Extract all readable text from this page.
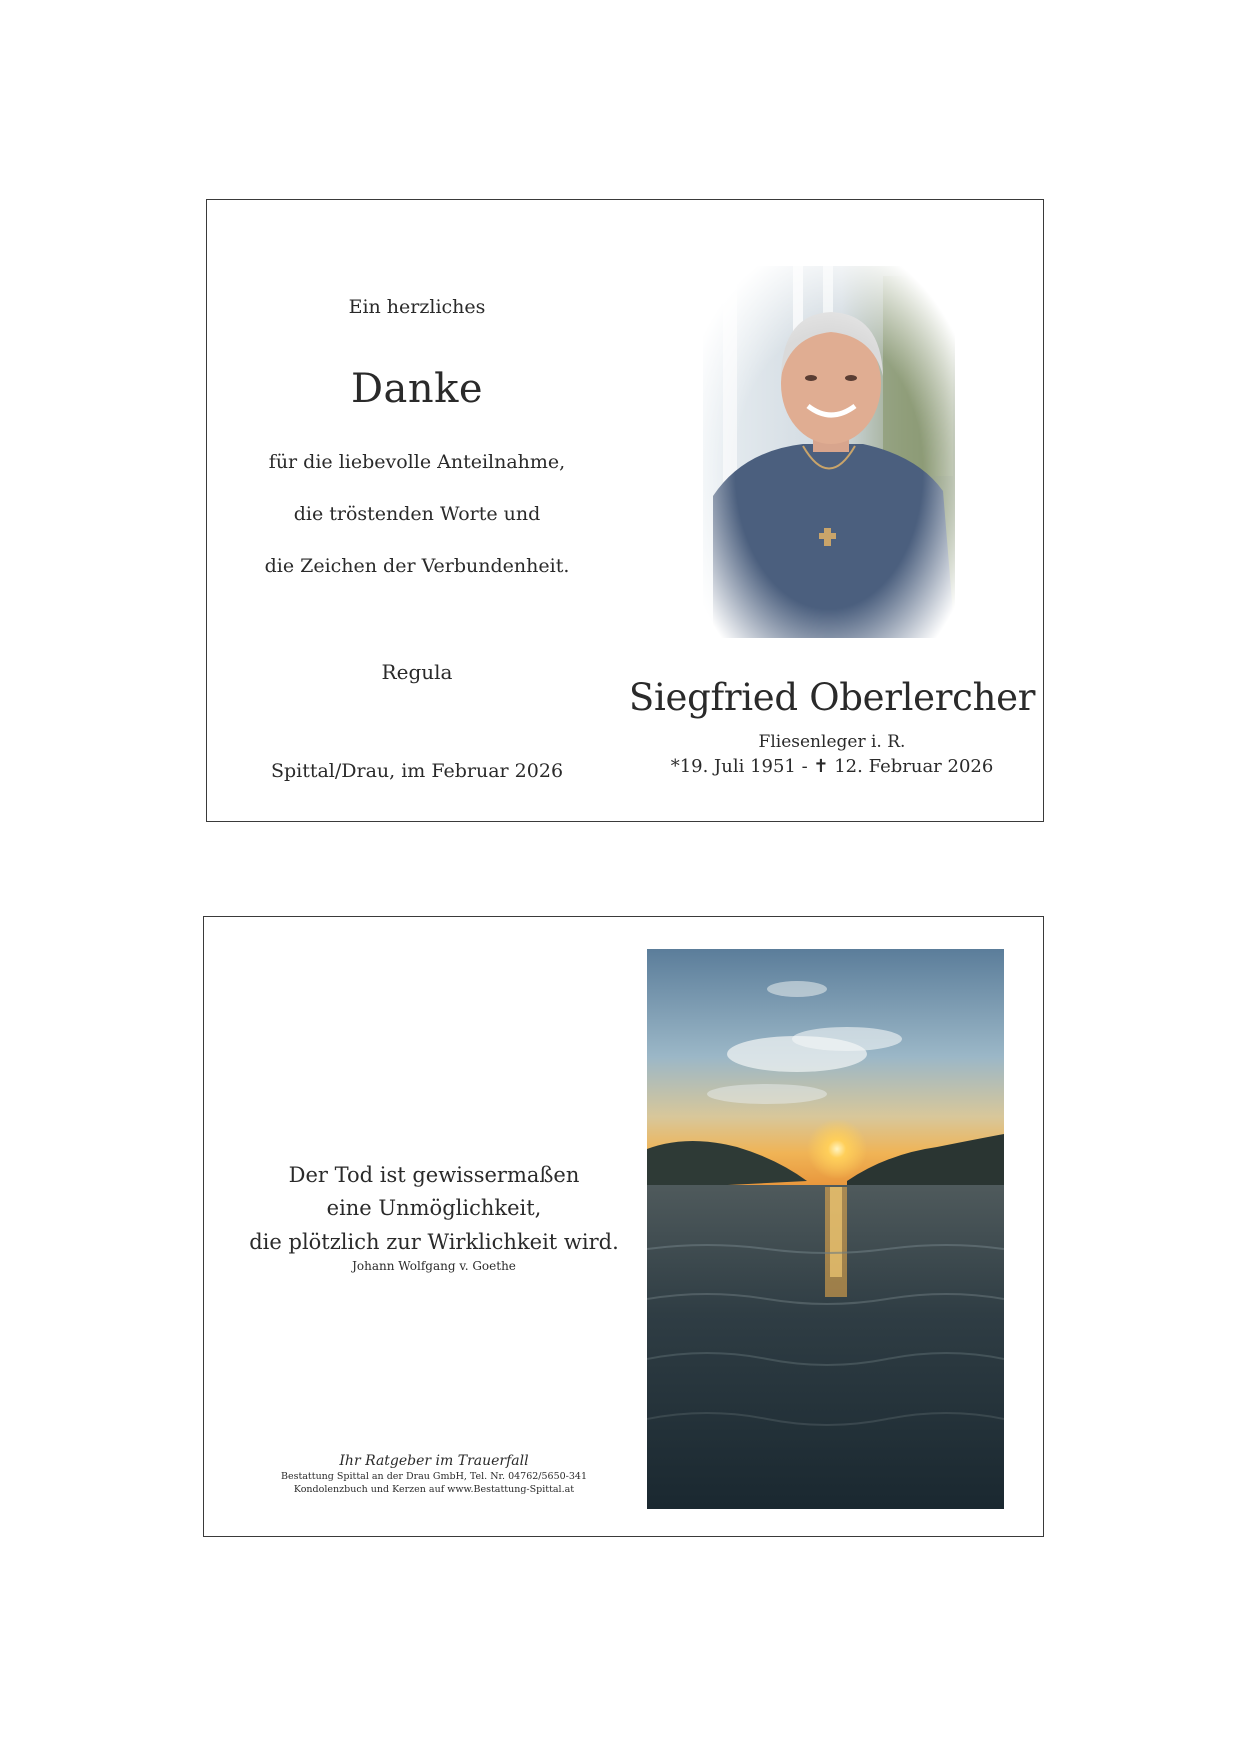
Ein herzliches
Danke
für die liebevolle Anteilnahme,
die tröstenden Worte und
die Zeichen der Verbundenheit.
Regula
Spittal/Drau, im Februar 2026
Siegfried Oberlercher
Fliesenleger i. R.
*19. Juli 1951 - ✝ 12. Februar 2026
Der Tod ist gewissermaßen
eine Unmöglichkeit,
die plötzlich zur Wirklichkeit wird.
Johann Wolfgang v. Goethe
Ihr Ratgeber im Trauerfall
Bestattung Spittal an der Drau GmbH, Tel. Nr. 04762/5650-341
Kondolenzbuch und Kerzen auf www.Bestattung-Spittal.at
